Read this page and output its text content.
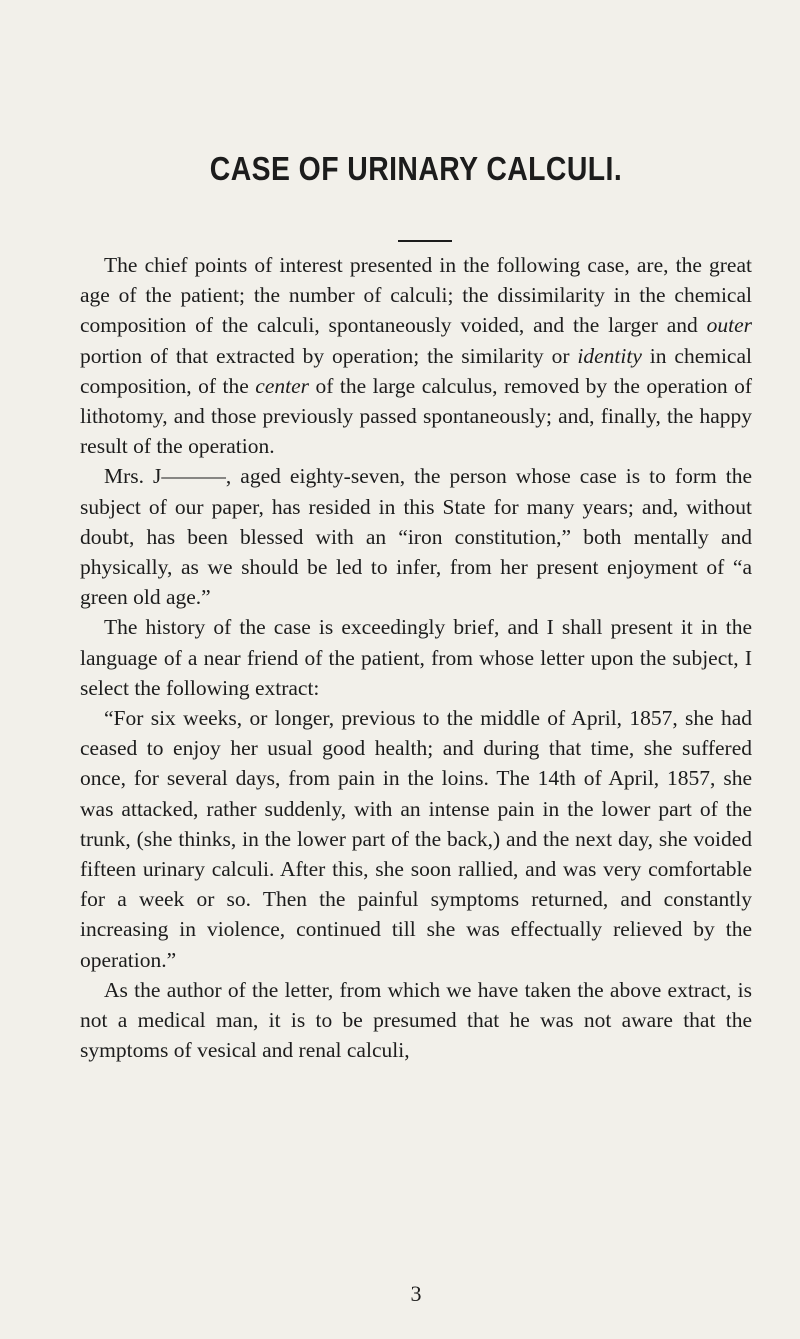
CASE OF URINARY CALCULI.

The chief points of interest presented in the following case, are, the great age of the patient; the number of calculi; the dissimilarity in the chemical composition of the calculi, spontaneously voided, and the larger and outer portion of that extracted by operation; the similarity or identity in chemical composition, of the center of the large calculus, removed by the operation of lithotomy, and those previously passed spontaneously; and, finally, the happy result of the operation.

Mrs. J———, aged eighty-seven, the person whose case is to form the subject of our paper, has resided in this State for many years; and, without doubt, has been blessed with an “iron constitution,” both mentally and physically, as we should be led to infer, from her present enjoyment of “a green old age.”

The history of the case is exceedingly brief, and I shall present it in the language of a near friend of the patient, from whose letter upon the subject, I select the following extract:

“For six weeks, or longer, previous to the middle of April, 1857, she had ceased to enjoy her usual good health; and during that time, she suffered once, for several days, from pain in the loins. The 14th of April, 1857, she was attacked, rather suddenly, with an intense pain in the lower part of the trunk, (she thinks, in the lower part of the back,) and the next day, she voided fifteen urinary calculi. After this, she soon rallied, and was very comfortable for a week or so. Then the painful symptoms returned, and constantly increasing in violence, continued till she was effectually relieved by the operation.”

As the author of the letter, from which we have taken the above extract, is not a medical man, it is to be presumed that he was not aware that the symptoms of vesical and renal calculi,

3
